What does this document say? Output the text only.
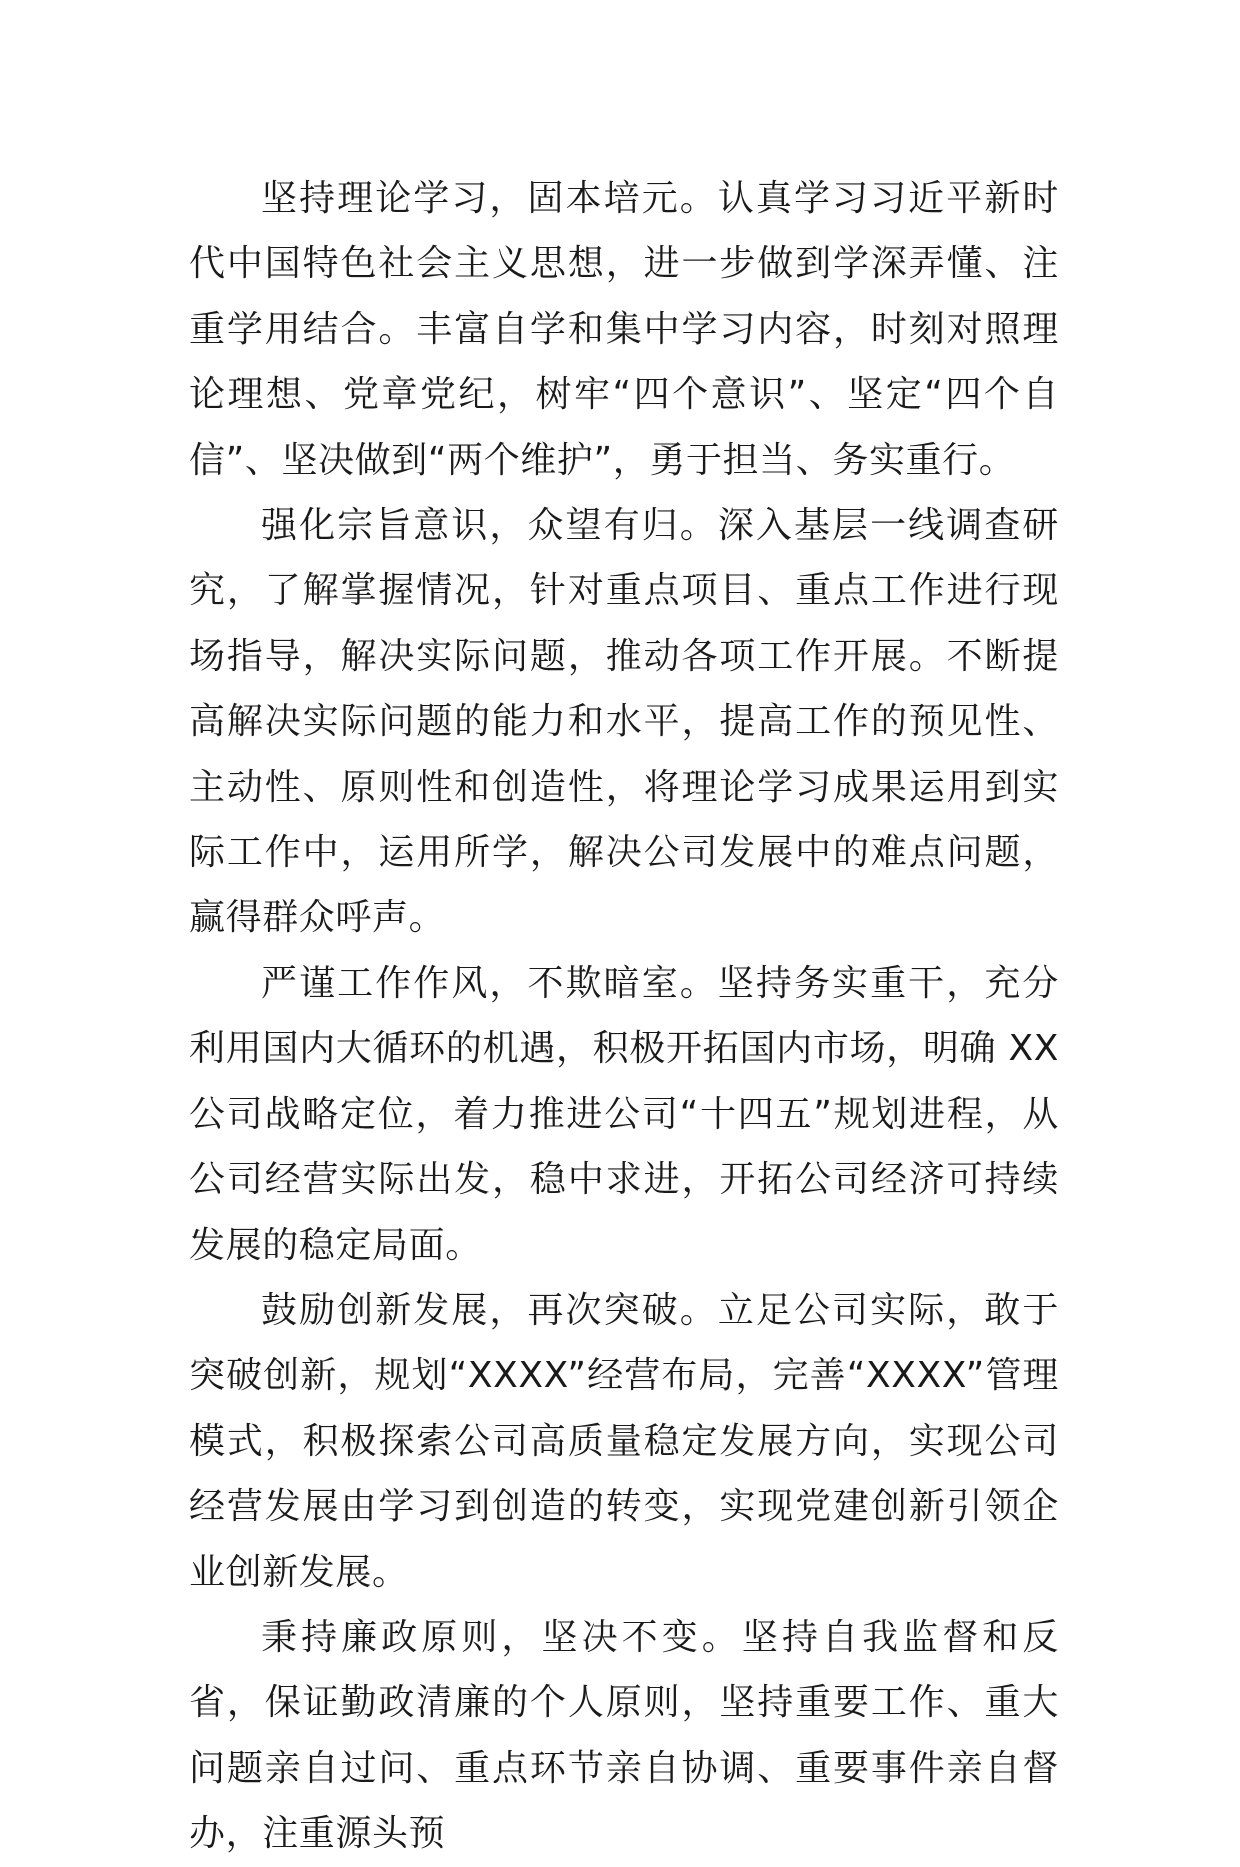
坚持理论学习，固本培元。认真学习习近平新时代中国特色社会主义思想，进一步做到学深弄懂、注重学用结合。丰富自学和集中学习内容，时刻对照理论理想、党章党纪，树牢“四个意识”、坚定“四个自信”、坚决做到“两个维护”，勇于担当、务实重行。

强化宗旨意识，众望有归。深入基层一线调查研究，了解掌握情况，针对重点项目、重点工作进行现场指导，解决实际问题，推动各项工作开展。不断提高解决实际问题的能力和水平，提高工作的预见性、主动性、原则性和创造性，将理论学习成果运用到实际工作中，运用所学，解决公司发展中的难点问题，赢得群众呼声。

严谨工作作风，不欺暗室。坚持务实重干，充分利用国内大循环的机遇，积极开拓国内市场，明确 XX 公司战略定位，着力推进公司“十四五”规划进程，从公司经营实际出发，稳中求进，开拓公司经济可持续发展的稳定局面。

鼓励创新发展，再次突破。立足公司实际，敢于突破创新，规划“XXXX”经营布局，完善“XXXX”管理模式，积极探索公司高质量稳定发展方向，实现公司经营发展由学习到创造的转变，实现党建创新引领企业创新发展。

秉持廉政原则，坚决不变。坚持自我监督和反省，保证勤政清廉的个人原则，坚持重要工作、重大问题亲自过问、重点环节亲自协调、重要事件亲自督办，注重源头预
